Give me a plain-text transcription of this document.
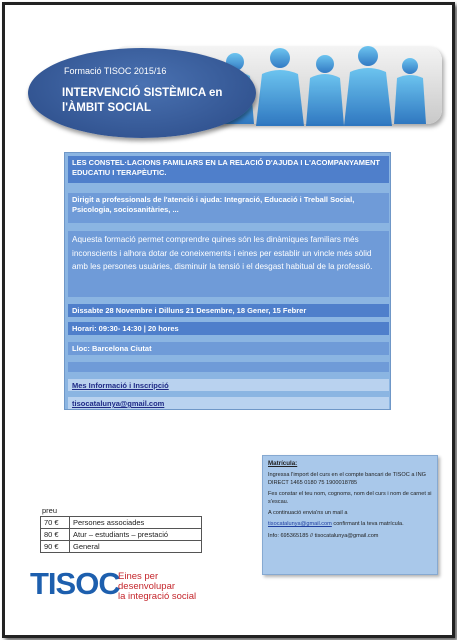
Formació TISOC 2015/16
INTERVENCIÓ SISTÈMICA en l'ÀMBIT SOCIAL
LES CONSTEL·LACIONS FAMILIARS EN LA RELACIÓ D'AJUDA I L'ACOMPANYAMENT EDUCATIU I TERAPÈUTIC.
Dirigit a professionals de l'atenció i ajuda: Integració, Educació i Treball Social, Psicologia, sociosanitàries, ...
Aquesta formació permet comprendre quines són les dinàmiques familiars més inconscients i alhora dotar de coneixements i eines per establir un vincle més sòlid amb les persones usuàries, disminuir la tensió i el desgast habitual de la professió.
Dissabte 28 Novembre i Dilluns 21 Desembre, 18 Gener, 15 Febrer
Horari: 09:30- 14:30 | 20 hores
Lloc: Barcelona Ciutat
Mes Informació i Inscripció
tisocatalunya@gmail.com

Matrícula:

Ingressa l'import del curs en el compte bancari de TISOC a ING DIRECT 1465 0180 75 1900018785

Fes constar el teu nom, cognoms, nom del curs i nom de carnet si s'escau.

A continuació envia'ns un mail a

tisocatalunya@gmail.com confirmant la teva matrícula.

Info: 695365185 // tisocatalunya@gmail.com

preu
70 €	Persones associades
80 €	Atur – estudiants – prestació
90 €	General
TISOC
Eines per
desenvolupar
la integració social
